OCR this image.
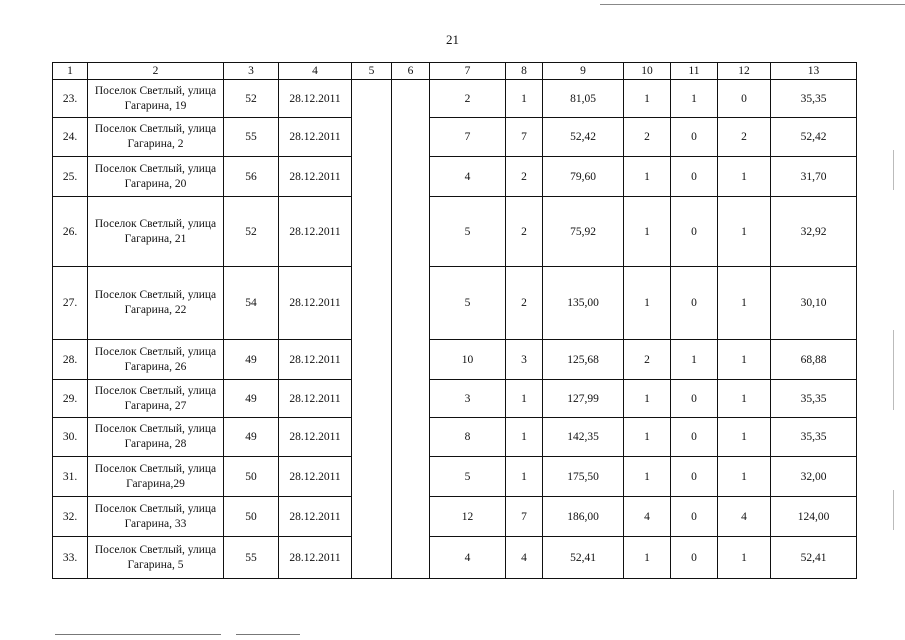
21
1	2	3	4	5	6	7	8	9	10	11	12	13
23.	Поселок Светлый, улица
Гагарина, 19	52	28.12.2011			2	1	81,05	1	1	0	35,35
24.	Поселок Светлый, улица
Гагарина, 2	55	28.12.2011			7	7	52,42	2	0	2	52,42
25.	Поселок Светлый, улица
Гагарина, 20	56	28.12.2011			4	2	79,60	1	0	1	31,70
26.	Поселок Светлый, улица
Гагарина, 21	52	28.12.2011			5	2	75,92	1	0	1	32,92
27.	Поселок Светлый, улица
Гагарина, 22	54	28.12.2011			5	2	135,00	1	0	1	30,10
28.	Поселок Светлый, улица
Гагарина, 26	49	28.12.2011			10	3	125,68	2	1	1	68,88
29.	Поселок Светлый, улица
Гагарина, 27	49	28.12.2011			3	1	127,99	1	0	1	35,35
30.	Поселок Светлый, улица
Гагарина, 28	49	28.12.2011			8	1	142,35	1	0	1	35,35
31.	Поселок Светлый, улица
Гагарина,29	50	28.12.2011			5	1	175,50	1	0	1	32,00
32.	Поселок Светлый, улица
Гагарина, 33	50	28.12.2011			12	7	186,00	4	0	4	124,00
33.	Поселок Светлый, улица
Гагарина, 5	55	28.12.2011			4	4	52,41	1	0	1	52,41
